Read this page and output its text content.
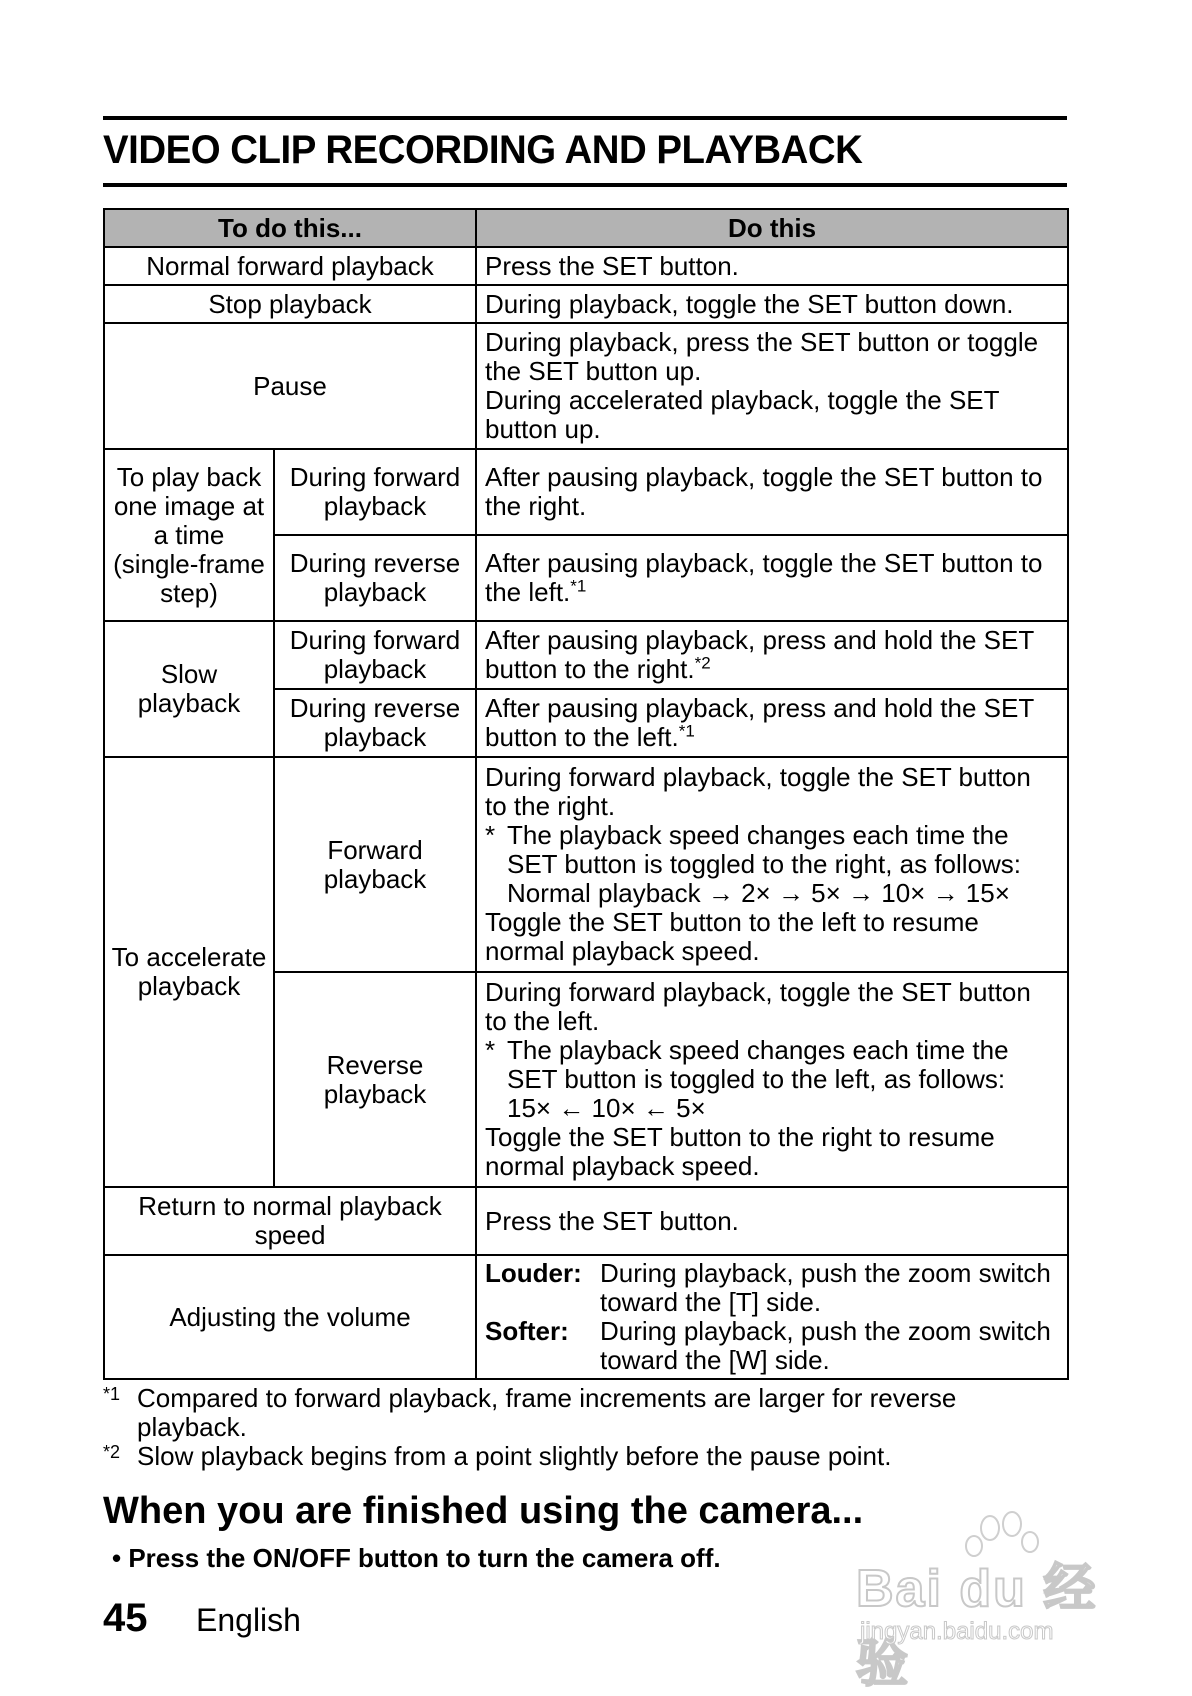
VIDEO CLIP RECORDING AND PLAYBACK
To do this...		Do this
Normal forward playback		Press the SET button.
Stop playback		During playback, toggle the SET button down.
Pause		During playback, press the SET button or toggle the SET button up.
During accelerated playback, toggle the SET button up.

To play back one image at a time (single-frame step)	During forward playback	After pausing playback, toggle the SET button to the right.
	During reverse playback	After pausing playback, toggle the SET button to the left.$^{*1}$
Slow playback	During forward playback	After pausing playback, press and hold the SET button to the right.$^{*2}$
	During reverse playback	After pausing playback, press and hold the SET button to the left.$^{*1}$
To accelerate playback	Forward playback	During forward playback, toggle the SET button to the right.
* The playback speed changes each time the SET button is toggled to the right, as follows:
Normal playback → 2× → 5× → 10× → 15×
Toggle the SET button to the left to resume normal playback speed.

	Reverse playback	During forward playback, toggle the SET button to the left.
* The playback speed changes each time the SET button is toggled to the left, as follows:
15× ← 10× ← 5×
Toggle the SET button to the right to resume normal playback speed.

Return to normal playback speed		Press the SET button.
Adjusting the volume		Louder: During playback, push the zoom switch toward the [T] side.
Softer: During playback, push the zoom switch toward the [W] side.
*1 Compared to forward playback, frame increments are larger for reverse playback.
*2 Slow playback begins from a point slightly before the pause point.
When you are finished using the camera...
• Press the ON/OFF button to turn the camera off.
45 English
Bai du 经验
jingyan.baidu.com
